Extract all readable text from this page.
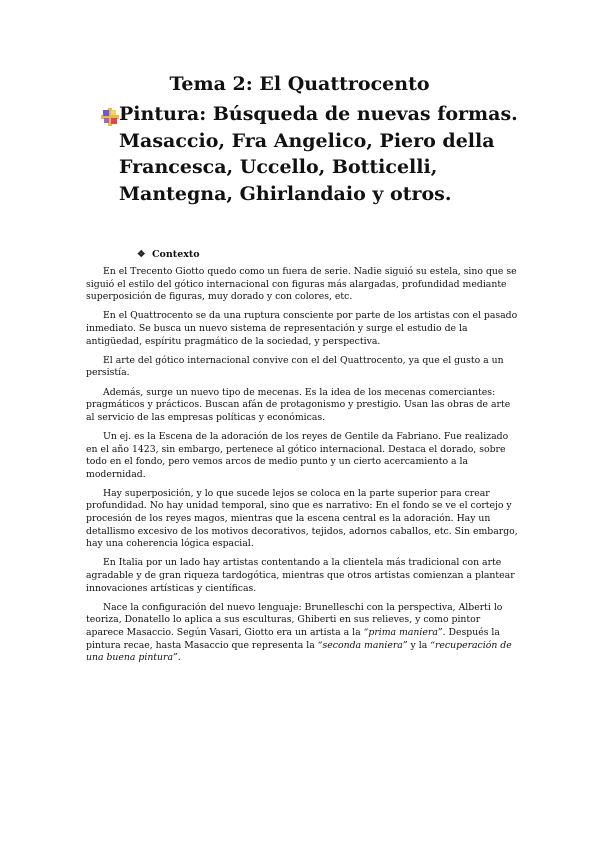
Tema 2: El Quattrocento
Pintura: Búsqueda de nuevas formas. Masaccio, Fra Angelico, Piero della Francesca, Uccello, Botticelli, Mantegna, Ghirlandaio y otros.
❖ Contexto

En el Trecento Giotto quedo como un fuera de serie. Nadie siguió su estela, sino que se siguió el estilo del gótico internacional con figuras más alargadas, profundidad mediante superposición de figuras, muy dorado y con colores, etc.

En el Quattrocento se da una ruptura consciente por parte de los artistas con el pasado inmediato. Se busca un nuevo sistema de representación y surge el estudio de la antigüedad, espíritu pragmático de la sociedad, y perspectiva.

El arte del gótico internacional convive con el del Quattrocento, ya que el gusto a un persistía.

Además, surge un nuevo tipo de mecenas. Es la idea de los mecenas comerciantes: pragmáticos y prácticos. Buscan afán de protagonismo y prestigio. Usan las obras de arte al servicio de las empresas políticas y económicas.

Un ej. es la Escena de la adoración de los reyes de Gentile da Fabriano. Fue realizado en el año 1423, sin embargo, pertenece al gótico internacional. Destaca el dorado, sobre todo en el fondo, pero vemos arcos de medio punto y un cierto acercamiento a la modernidad.

Hay superposición, y lo que sucede lejos se coloca en la parte superior para crear profundidad. No hay unidad temporal, sino que es narrativo: En el fondo se ve el cortejo y procesión de los reyes magos, mientras que la escena central es la adoración. Hay un detallismo excesivo de los motivos decorativos, tejidos, adornos caballos, etc. Sin embargo, hay una coherencia lógica espacial.

En Italia por un lado hay artistas contentando a la clientela más tradicional con arte agradable y de gran riqueza tardogótica, mientras que otros artistas comienzan a plantear innovaciones artísticas y científicas.

Nace la configuración del nuevo lenguaje: Brunelleschi con la perspectiva, Alberti lo teoriza, Donatello lo aplica a sus esculturas, Ghiberti en sus relieves, y como pintor aparece Masaccio. Según Vasari, Giotto era un artista a la “prima maniera”. Después la pintura recae, hasta Masaccio que representa la “seconda maniera” y la “recuperación de una buena pintura”.
